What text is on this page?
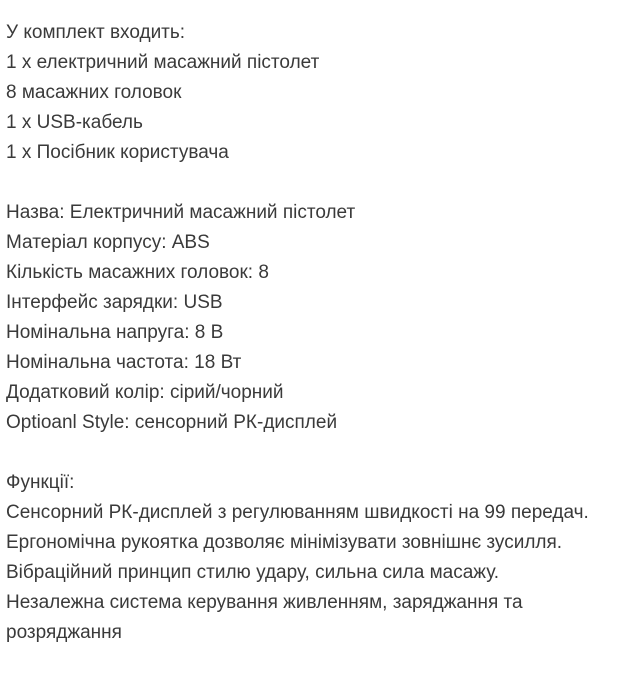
У комплект входить:
1 x електричний масажний пістолет
8 масажних головок
1 x USB-кабель
1 x Посібник користувача
Назва: Електричний масажний пістолет
Матеріал корпусу: ABS
Кількість масажних головок: 8
Інтерфейс зарядки: USB
Номінальна напруга: 8 В
Номінальна частота: 18 Вт
Додатковий колір: сірий/чорний
Optioanl Style: сенсорний РК-дисплей
Функції:
Сенсорний РК-дисплей з регулюванням швидкості на 99 передач.
Ергономічна рукоятка дозволяє мінімізувати зовнішнє зусилля.
Вібраційний принцип стилю удару, сильна сила масажу.
Незалежна система керування живленням, заряджання та розряджання
